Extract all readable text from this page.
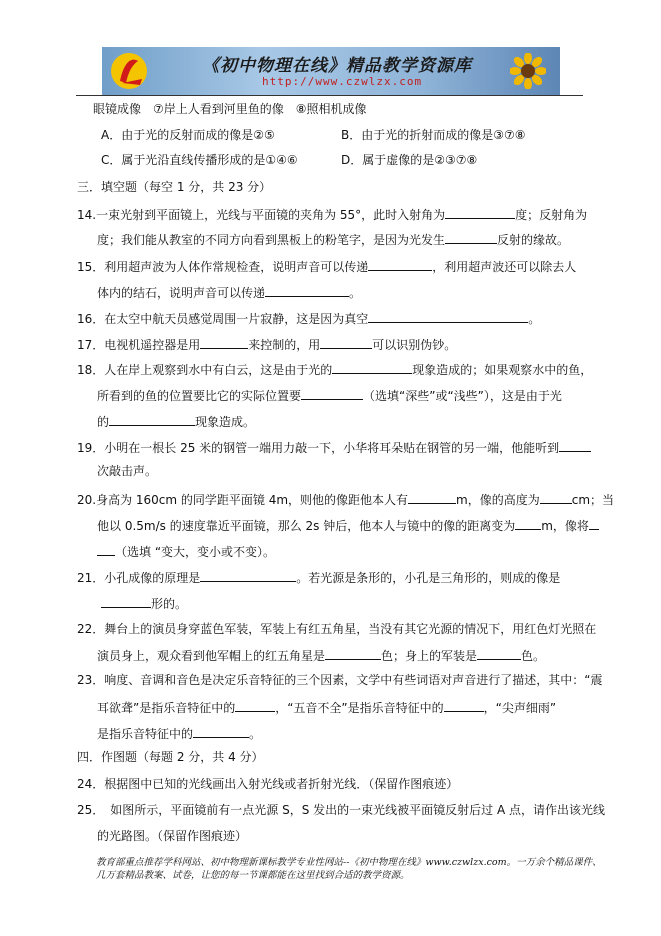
《初中物理在线》精品教学资源库
http://www.czwlzx.com
眼镜成像　⑦岸上人看到河里鱼的像　⑧照相机成像
A．由于光的反射而成的像是②⑤	B．由于光的折射而成的像是③⑦⑧
C．属于光沿直线传播形成的是①④⑥	D．属于虚像的是②③⑦⑧
三．填空题（每空 1 分，共 23 分）
14.一束光射到平面镜上，光线与平面镜的夹角为 55°，此时入射角为	度；反射角为
度；我们能从教室的不同方向看到黑板上的粉笔字，是因为光发生	反射的缘故。
15．利用超声波为人体作常规检查，说明声音可以传递	，利用超声波还可以除去人
体内的结石，说明声音可以传递	。
16．在太空中航天员感觉周围一片寂静，这是因为真空	。
17．电视机遥控器是用	来控制的，用	可以识别伪钞。
18．人在岸上观察到水中有白云，这是由于光的	现象造成的；如果观察水中的鱼，
所看到的鱼的位置要比它的实际位置要	（选填“深些”或“浅些”），这是由于光
的	现象造成。
19．小明在一根长 25 米的钢管一端用力敲一下，小华将耳朵贴在钢管的另一端，他能听到
次敲击声。
20.身高为 160cm 的同学距平面镜 4m，则他的像距他本人有	m，像的高度为	cm；当
他以 0.5m/s 的速度靠近平面镜，那么 2s 钟后，他本人与镜中的像的距离变为 m，像将
（选填 “变大，变小或不变）。
21．小孔成像的原理是	。若光源是条形的，小孔是三角形的，则成的像是
形的。
22．舞台上的演员身穿蓝色军装，军装上有红五角星，当没有其它光源的情况下，用红色灯光照在
演员身上，观众看到他军帽上的红五角星是	色；身上的军装是	色。
23．响度、音调和音色是决定乐音特征的三个因素，文学中有些词语对声音进行了描述，其中：“震
耳欲聋”是指乐音特征中的	，“五音不全”是指乐音特征中的	，“尖声细雨”
是指乐音特征中的	。
四．作图题（每题 2 分，共 4 分）
24．根据图中已知的光线画出入射光线或者折射光线．（保留作图痕迹）
25．　如图所示，平面镜前有一点光源 S，S 发出的一束光线被平面镜反射后过 A 点，请作出该光线
的光路图。（保留作图痕迹）
教育部重点推荐学科网站、初中物理新课标教学专业性网站--《初中物理在线》www.czwlzx.com。一万余个精品课件、
几万套精品教案、试卷，让您的每一节课都能在这里找到合适的教学资源。
